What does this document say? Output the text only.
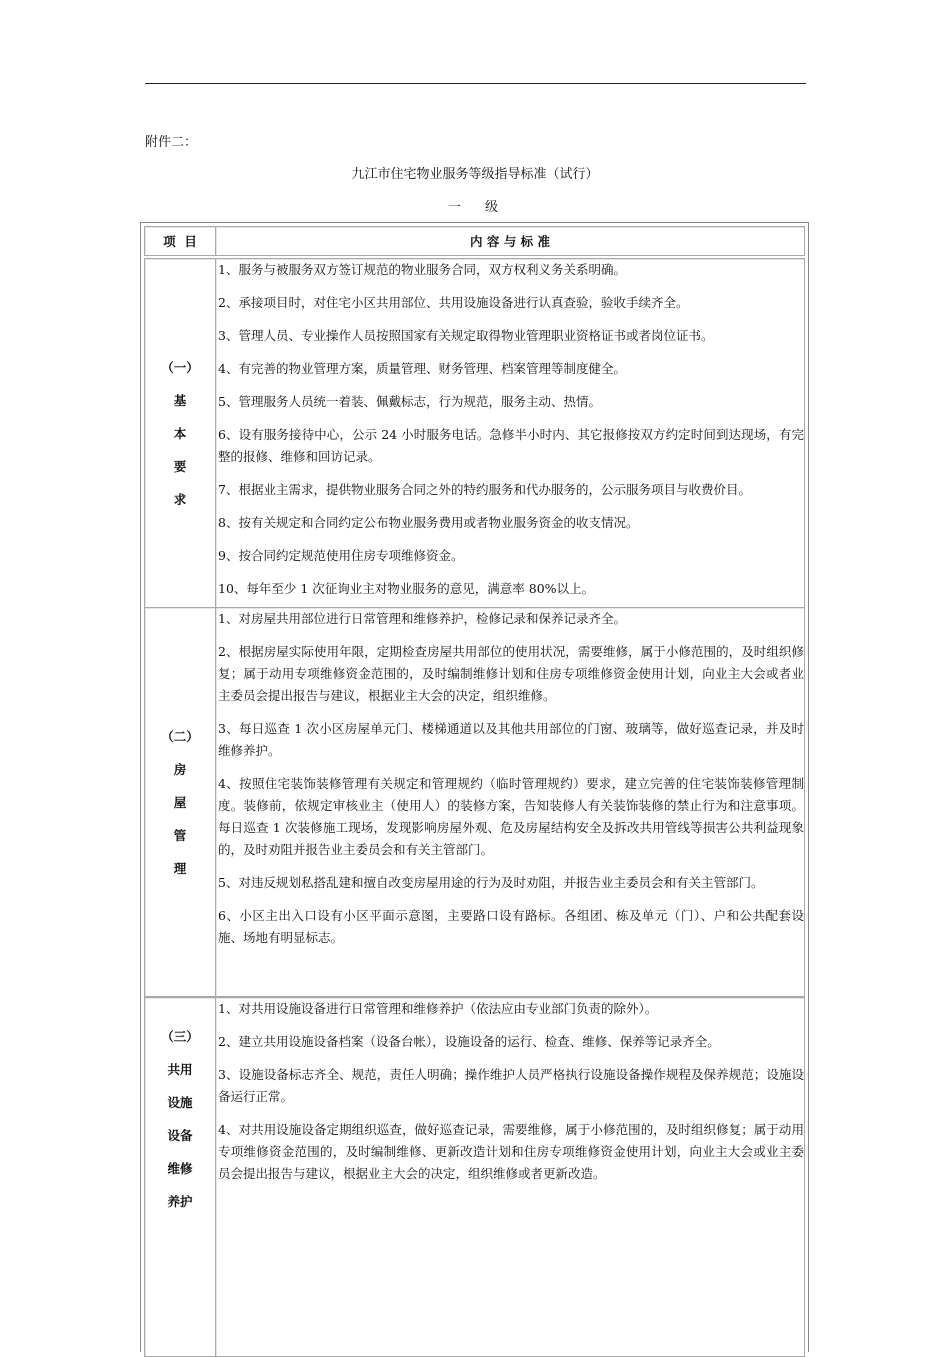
附件二：
九江市住宅物业服务等级指导标准（试行）
一 级
项  目	内 容 与 标 准
（一）
基
本
要
求
1、服务与被服务双方签订规范的物业服务合同，双方权利义务关系明确。
2、承接项目时，对住宅小区共用部位、共用设施设备进行认真查验，验收手续齐全。
3、管理人员、专业操作人员按照国家有关规定取得物业管理职业资格证书或者岗位证书。
4、有完善的物业管理方案，质量管理、财务管理、档案管理等制度健全。
5、管理服务人员统一着装、佩戴标志，行为规范，服务主动、热情。
6、设有服务接待中心，公示 24 小时服务电话。急修半小时内、其它报修按双方约定时间到达现场，有完整的报修、维修和回访记录。
7、根据业主需求，提供物业服务合同之外的特约服务和代办服务的，公示服务项目与收费价目。
8、按有关规定和合同约定公布物业服务费用或者物业服务资金的收支情况。
9、按合同约定规范使用住房专项维修资金。
10、每年至少 1 次征询业主对物业服务的意见，满意率 80%以上。
（二）
房
屋
管
理
1、对房屋共用部位进行日常管理和维修养护，检修记录和保养记录齐全。
2、根据房屋实际使用年限，定期检查房屋共用部位的使用状况，需要维修，属于小修范围的，及时组织修复；属于动用专项维修资金范围的，及时编制维修计划和住房专项维修资金使用计划，向业主大会或者业主委员会提出报告与建议，根据业主大会的决定，组织维修。
3、每日巡查 1 次小区房屋单元门、楼梯通道以及其他共用部位的门窗、玻璃等，做好巡查记录，并及时维修养护。
4、按照住宅装饰装修管理有关规定和管理规约（临时管理规约）要求，建立完善的住宅装饰装修管理制度。装修前，依规定审核业主（使用人）的装修方案，告知装修人有关装饰装修的禁止行为和注意事项。每日巡查 1 次装修施工现场，发现影响房屋外观、危及房屋结构安全及拆改共用管线等损害公共利益现象的，及时劝阻并报告业主委员会和有关主管部门。
5、对违反规划私搭乱建和擅自改变房屋用途的行为及时劝阻，并报告业主委员会和有关主管部门。
6、小区主出入口设有小区平面示意图，主要路口设有路标。各组团、栋及单元（门）、户和公共配套设施、场地有明显标志。
（三）
共用
设施
设备
维修
养护
1、对共用设施设备进行日常管理和维修养护（依法应由专业部门负责的除外）。
2、建立共用设施设备档案（设备台帐），设施设备的运行、检查、维修、保养等记录齐全。
3、设施设备标志齐全、规范，责任人明确；操作维护人员严格执行设施设备操作规程及保养规范；设施设备运行正常。
4、对共用设施设备定期组织巡查，做好巡查记录，需要维修，属于小修范围的，及时组织修复；属于动用专项维修资金范围的，及时编制维修、更新改造计划和住房专项维修资金使用计划，向业主大会或业主委员会提出报告与建议，根据业主大会的决定，组织维修或者更新改造。
